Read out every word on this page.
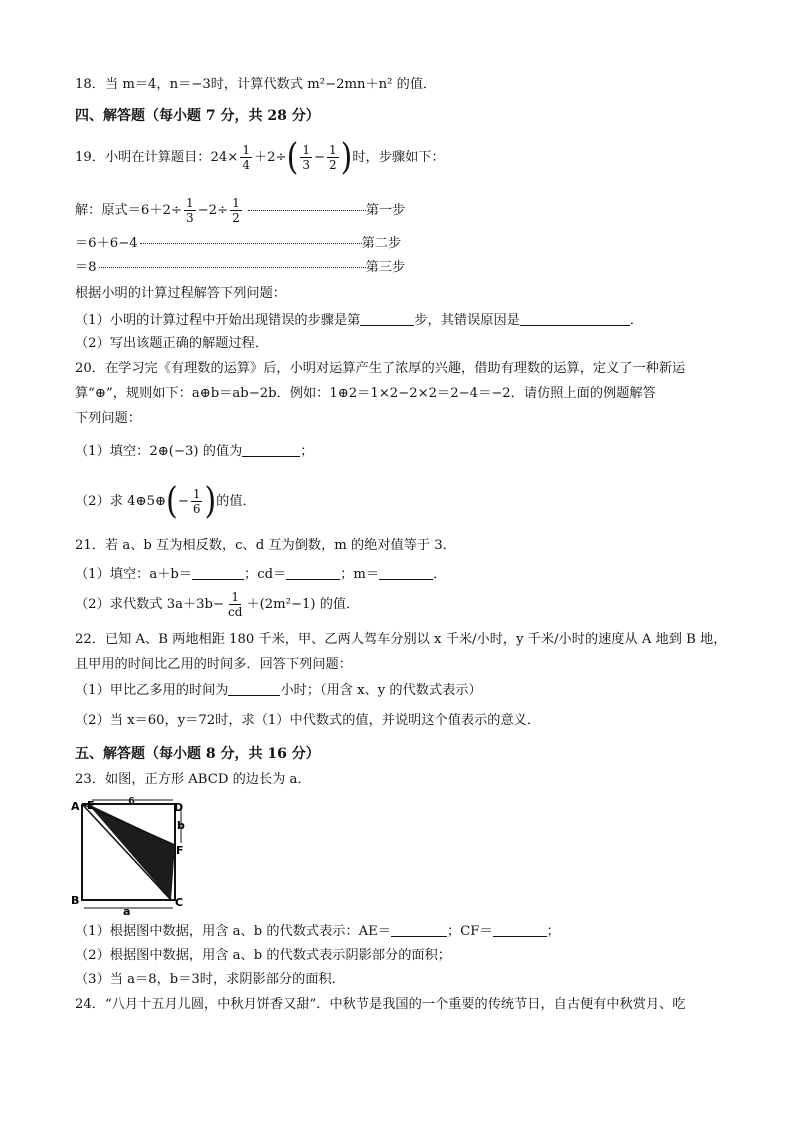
18．当 m＝4，n＝−3时，计算代数式 m²−2mn＋n² 的值．
四、解答题（每小题 7 分，共 28 分）
19．小明在计算题目：$24\times \frac{1}{4} +2\div( \frac{1}{3} - \frac{1}{2}$ )时，步骤如下：
解：原式$=6+2\div \frac{1}{3} -2\div \frac{1}{2}$	第一步
＝6＋6−4	第二步
＝8	第三步
根据小明的计算过程解答下列问题：
（1）小明的计算过程中开始出现错误的步骤是第	步，其错误原因是	．
（2）写出该题正确的解题过程．
20．在学习完《有理数的运算》后，小明对运算产生了浓厚的兴趣，借助有理数的运算，定义了一种新运
算“⊕”，规则如下：a⊕b＝ab−2b．例如：1⊕2＝1×2−2×2＝2−4＝−2．请仿照上面的例题解答
下列问题：
（1）填空：2⊕(−3) 的值为	；
（2）求 4⊕5⊕(− $\frac{1}{6}$ )的值．
21．若 a、b 互为相反数，c、d 互为倒数，m 的绝对值等于 3．
（1）填空：a＋b＝	；cd＝	；m＝	．
（2）求代数式 $3a+3b- \frac{1}{cd} +(2m^2-1)$ 的值．
22．已知 A、B 两地相距 180 千米，甲、乙两人驾车分别以 x 千米/小时，y 千米/小时的速度从 A 地到 B 地，
且甲用的时间比乙用的时间多．回答下列问题：
（1）甲比乙多用的时间为	小时；（用含 x、y 的代数式表示）
（2）当 x＝60，y＝72时，求（1）中代数式的值，并说明这个值表示的意义．
五、解答题（每小题 8 分，共 16 分）
23．如图，正方形 ABCD 的边长为 a．
A E	6	D
b
F
B	C
a
（1）根据图中数据，用含 a、b 的代数式表示：AE＝	；CF＝	；
（2）根据图中数据，用含 a、b 的代数式表示阴影部分的面积；
（3）当 a＝8，b＝3时，求阴影部分的面积．
24．“八月十五月儿圆，中秋月饼香又甜”．中秋节是我国的一个重要的传统节日，自古便有中秋赏月、吃
